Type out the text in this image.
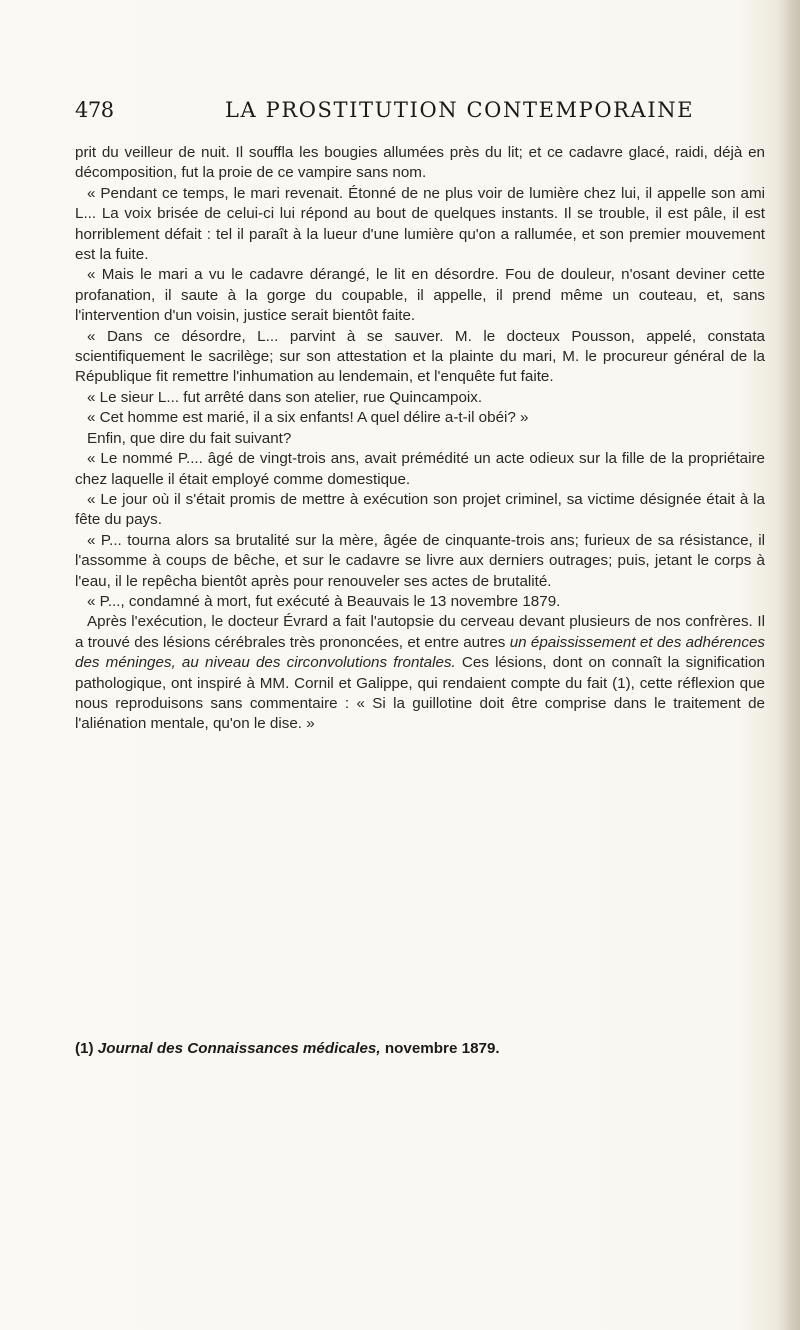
478	LA PROSTITUTION CONTEMPORAINE

prit du veilleur de nuit. Il souffla les bougies allumées près du lit; et ce cadavre glacé, raidi, déjà en décomposition, fut la proie de ce vampire sans nom.

« Pendant ce temps, le mari revenait. Étonné de ne plus voir de lumière chez lui, il appelle son ami L... La voix brisée de celui-ci lui répond au bout de quelques instants. Il se trouble, il est pâle, il est horriblement défait : tel il paraît à la lueur d'une lumière qu'on a rallumée, et son premier mouvement est la fuite.

« Mais le mari a vu le cadavre dérangé, le lit en désordre. Fou de douleur, n'osant deviner cette profanation, il saute à la gorge du coupable, il appelle, il prend même un couteau, et, sans l'intervention d'un voisin, justice serait bientôt faite.

« Dans ce désordre, L... parvint à se sauver. M. le docteux Pousson, appelé, constata scientifiquement le sacrilège; sur son attestation et la plainte du mari, M. le procureur général de la République fit remettre l'inhumation au lendemain, et l'enquête fut faite.

« Le sieur L... fut arrêté dans son atelier, rue Quincampoix.

« Cet homme est marié, il a six enfants! A quel délire a-t-il obéi? »

Enfin, que dire du fait suivant?

« Le nommé P.... âgé de vingt-trois ans, avait prémédité un acte odieux sur la fille de la propriétaire chez laquelle il était employé comme domestique.

« Le jour où il s'était promis de mettre à exécution son projet criminel, sa victime désignée était à la fête du pays.

« P... tourna alors sa brutalité sur la mère, âgée de cinquante-trois ans; furieux de sa résistance, il l'assomme à coups de bêche, et sur le cadavre se livre aux derniers outrages; puis, jetant le corps à l'eau, il le repêcha bientôt après pour renouveler ses actes de brutalité.

« P..., condamné à mort, fut exécuté à Beauvais le 13 novembre 1879.

Après l'exécution, le docteur Évrard a fait l'autopsie du cerveau devant plusieurs de nos confrères. Il a trouvé des lésions cérébrales très prononcées, et entre autres un épaississement et des adhérences des méninges, au niveau des circonvolutions frontales. Ces lésions, dont on connaît la signification pathologique, ont inspiré à MM. Cornil et Galippe, qui rendaient compte du fait (1), cette réflexion que nous reproduisons sans commentaire : « Si la guillotine doit être comprise dans le traitement de l'aliénation mentale, qu'on le dise. »

(1) Journal des Connaissances médicales, novembre 1879.
